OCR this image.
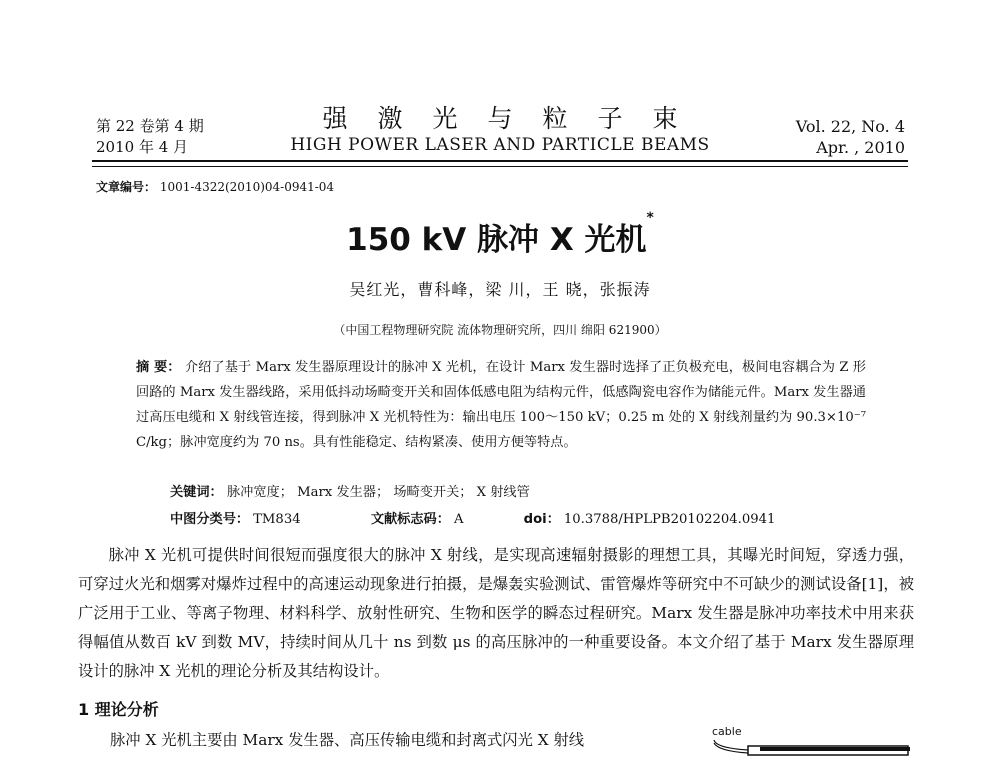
第 22 卷第 4 期
2010 年 4 月
强激光与粒子束
HIGH POWER LASER AND PARTICLE BEAMS
Vol. 22, No. 4
Apr. , 2010
文章编号： 1001-4322(2010)04-0941-04
150 kV 脉冲 X 光机*
吴红光，曹科峰，梁 川，王 晓，张振涛
（中国工程物理研究院 流体物理研究所，四川 绵阳 621900）
摘 要： 介绍了基于 Marx 发生器原理设计的脉冲 X 光机，在设计 Marx 发生器时选择了正负极充电，极间电容耦合为 Z 形回路的 Marx 发生器线路，采用低抖动场畸变开关和固体低感电阻为结构元件，低感陶瓷电容作为储能元件。Marx 发生器通过高压电缆和 X 射线管连接，得到脉冲 X 光机特性为：输出电压 100～150 kV；0.25 m 处的 X 射线剂量约为 90.3×10⁻⁷ C/kg；脉冲宽度约为 70 ns。具有性能稳定、结构紧凑、使用方便等特点。
关键词： 脉冲宽度； Marx 发生器； 场畸变开关； X 射线管
中图分类号： TM834	文献标志码： A	doi： 10.3788/HPLPB20102204.0941

脉冲 X 光机可提供时间很短而强度很大的脉冲 X 射线，是实现高速辐射摄影的理想工具，其曝光时间短，穿透力强，可穿过火光和烟雾对爆炸过程中的高速运动现象进行拍摄，是爆轰实验测试、雷管爆炸等研究中不可缺少的测试设备[1]，被广泛用于工业、等离子物理、材料科学、放射性研究、生物和医学的瞬态过程研究。Marx 发生器是脉冲功率技术中用来获得幅值从数百 kV 到数 MV，持续时间从几十 ns 到数 μs 的高压脉冲的一种重要设备。本文介绍了基于 Marx 发生器原理设计的脉冲 X 光机的理论分析及其结构设计。

1 理论分析
脉冲 X 光机主要由 Marx 发生器、高压传输电缆和封离式闪光 X 射线	cable
